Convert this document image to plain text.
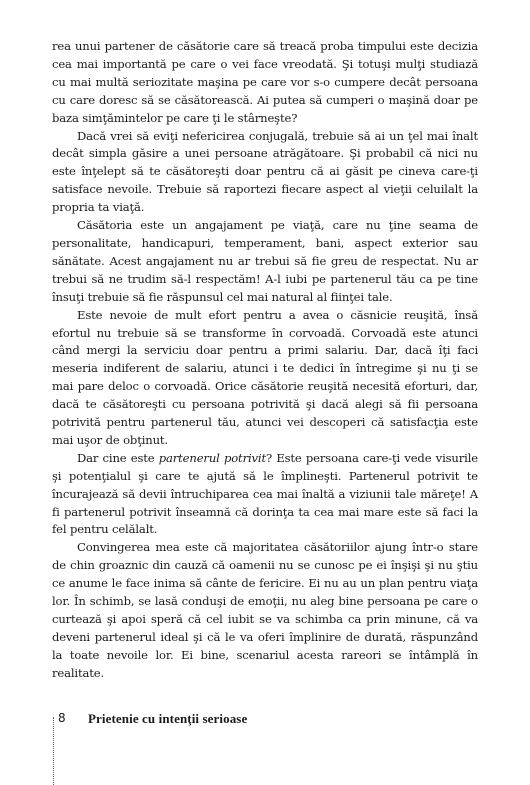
rea unui partener de căsătorie care să treacă proba timpului este decizia cea mai importantă pe care o vei face vreodată. Şi totuşi mulţi studiază cu mai multă seriozitate maşina pe care vor s-o cumpere decât persoana cu care doresc să se căsătorească. Ai putea să cumperi o maşină doar pe baza simţămintelor pe care ţi le stârneşte?

Dacă vrei să eviţi nefericirea conjugală, trebuie să ai un ţel mai înalt decât simpla găsire a unei persoane atrăgătoare. Şi probabil că nici nu este înţelept să te căsătoreşti doar pentru că ai găsit pe cineva care-ţi satisface nevoile. Trebuie să raportezi fiecare aspect al vieţii celuilalt la propria ta viaţă.

Căsătoria este un angajament pe viaţă, care nu ţine seama de personalitate, handicapuri, temperament, bani, aspect exterior sau sănătate. Acest angajament nu ar trebui să fie greu de respectat. Nu ar trebui să ne trudim să-l respectăm! A-l iubi pe partenerul tău ca pe tine însuţi trebuie să fie răspunsul cel mai natural al fiinţei tale.

Este nevoie de mult efort pentru a avea o căsnicie reuşită, însă efortul nu trebuie să se transforme în corvoadă. Corvoadă este atunci când mergi la serviciu doar pentru a primi salariu. Dar, dacă îţi faci meseria indiferent de salariu, atunci i te dedici în întregime şi nu ţi se mai pare deloc o corvoadă. Orice căsătorie reuşită necesită eforturi, dar, dacă te căsătoreşti cu persoana potrivită şi dacă alegi să fii persoana potrivită pentru partenerul tău, atunci vei descoperi că satisfacţia este mai uşor de obţinut.

Dar cine este partenerul potrivit? Este persoana care-ţi vede visurile şi potenţialul şi care te ajută să le împlineşti. Partenerul potrivit te încurajează să devii întruchiparea cea mai înaltă a viziunii tale măreţe! A fi partenerul potrivit înseamnă că dorinţa ta cea mai mare este să faci la fel pentru celălalt.

Convingerea mea este că majoritatea căsătoriilor ajung într-o stare de chin groaznic din cauză că oamenii nu se cunosc pe ei înşişi şi nu ştiu ce anume le face inima să cânte de fericire. Ei nu au un plan pentru viaţa lor. În schimb, se lasă conduşi de emoţii, nu aleg bine persoana pe care o curtează şi apoi speră că cel iubit se va schimba ca prin minune, că va deveni partenerul ideal şi că le va oferi împlinire de durată, răspunzând la toate nevoile lor. Ei bine, scenariul acesta rareori se întâmplă în realitate.

8 Prietenie cu intenţii serioase
